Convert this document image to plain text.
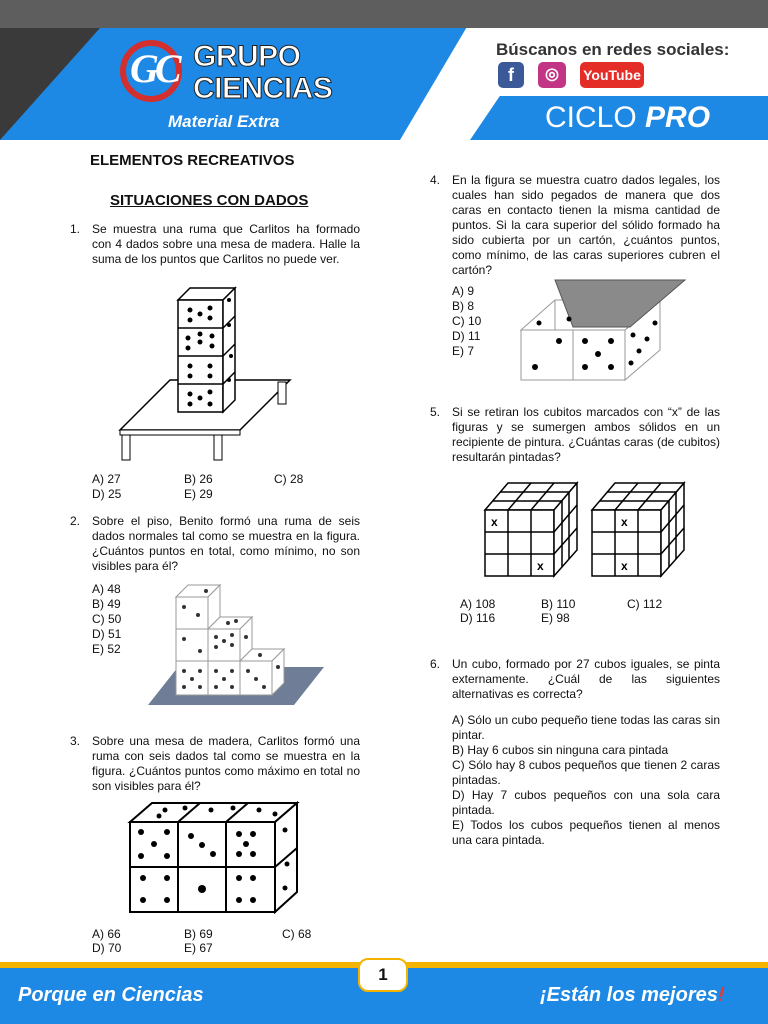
GC GRUPO
CIENCIAS
Material Extra
Búscanos en redes sociales:
f	◎	YouTube
CICLO PRO
ELEMENTOS RECREATIVOS
SITUACIONES CON DADOS
1. Se muestra una ruma que Carlitos ha formado con 4 dados sobre una mesa de madera. Halle la suma de los puntos que Carlitos no puede ver.
A) 27	B) 26	C) 28
D) 25	E) 29
2. Sobre el piso, Benito formó una ruma de seis dados normales tal como se muestra en la figura. ¿Cuántos puntos en total, como mínimo, no son visibles para él?
A) 48
B) 49
C) 50
D) 51
E) 52
3. Sobre una mesa de madera, Carlitos formó una ruma con seis dados tal como se muestra en la figura. ¿Cuántos puntos como máximo en total no son visibles para él?
A) 66	B) 69	C) 68
D) 70	E) 67
4. En la figura se muestra cuatro dados legales, los cuales han sido pegados de manera que dos caras en contacto tienen la misma cantidad de puntos. Si la cara superior del sólido formado ha sido cubierta por un cartón, ¿cuántos puntos, como mínimo, de las caras superiores cubren el cartón?
A) 9
B) 8
C) 10
D) 11
E) 7
5. Si se retiran los cubitos marcados con “x” de las figuras y se sumergen ambos sólidos en un recipiente de pintura. ¿Cuántas caras (de cubitos) resultarán pintadas?
x
x
x
x
A) 108	B) 110	C) 112
D) 116	E) 98
6. Un cubo, formado por 27 cubos iguales, se pinta externamente. ¿Cuál de las siguientes alternativas es correcta?
A) Sólo un cubo pequeño tiene todas las caras sin pintar.
B) Hay 6 cubos sin ninguna cara pintada
C) Sólo hay 8 cubos pequeños que tienen 2 caras pintadas.
D) Hay 7 cubos pequeños con una sola cara pintada.
E) Todos los cubos pequeños tienen al menos una cara pintada.
Porque en Ciencias	¡Están los mejores!
1
